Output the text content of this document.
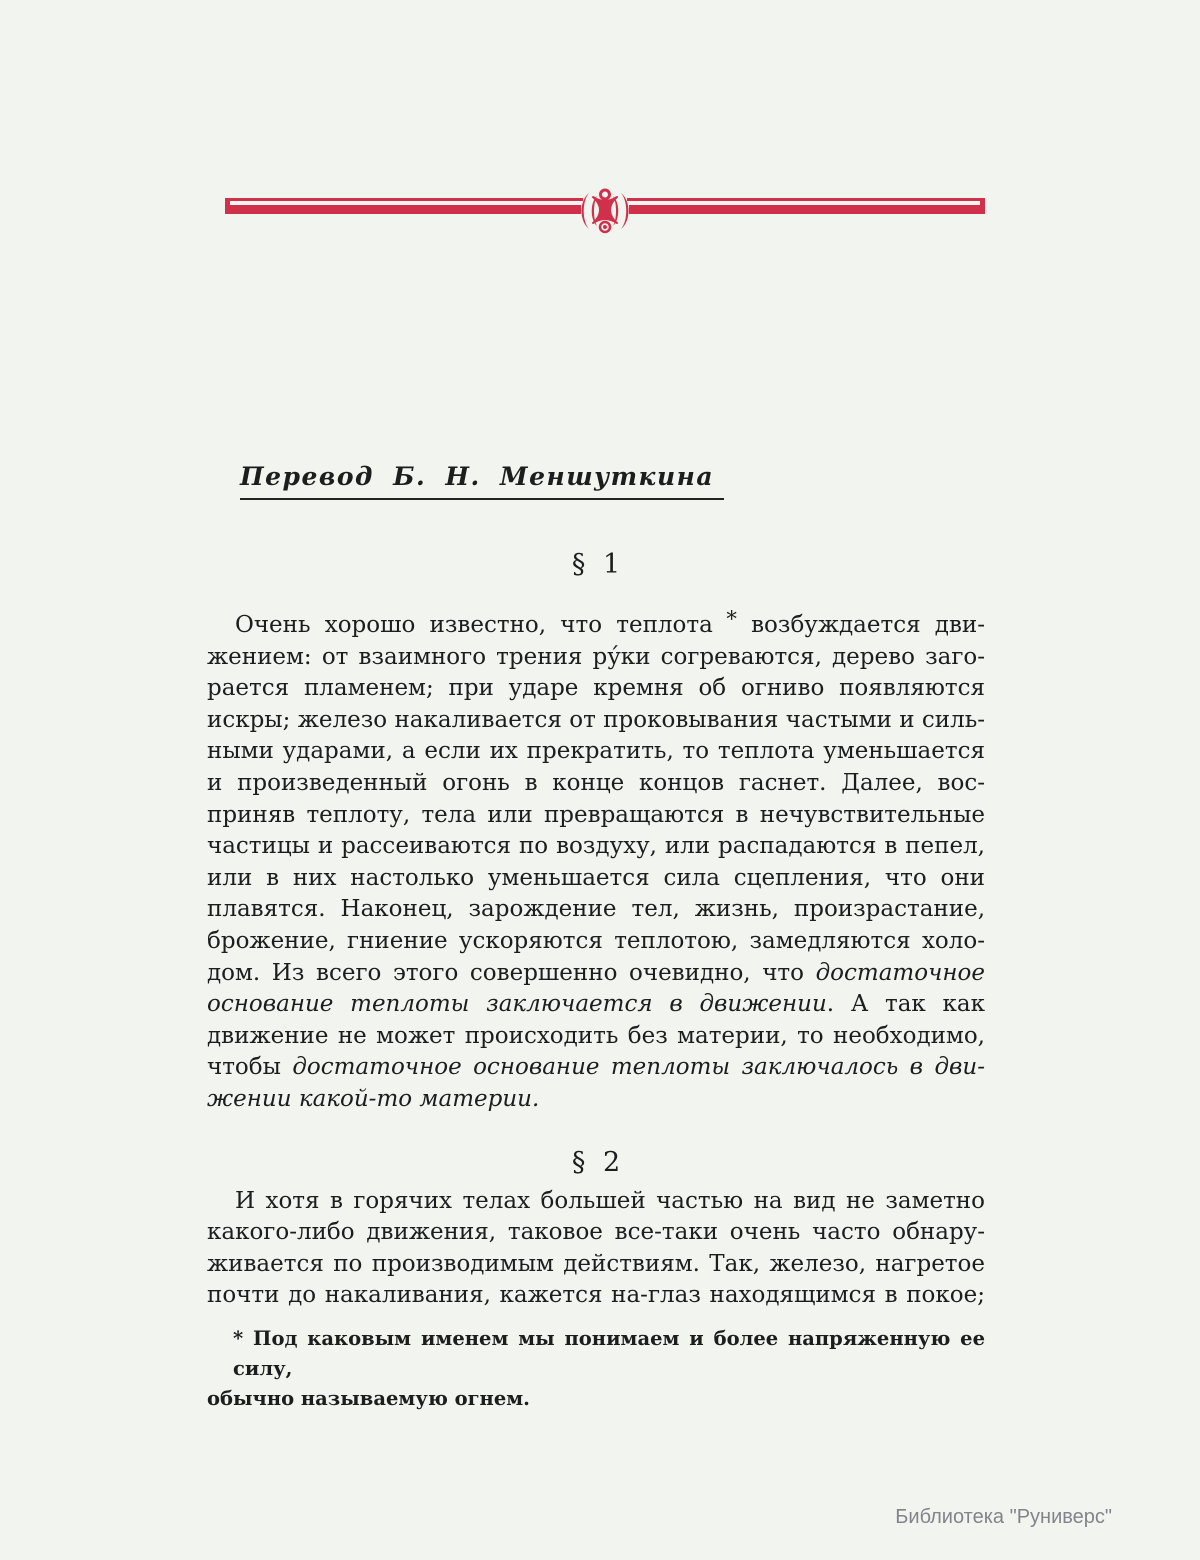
Перевод Б. Н. Меншуткина
§ 1
Очень хорошо известно, что теплота * возбуждается дви-
жением: от взаимного трения ру́ки согреваются, дерево заго-
рается пламенем; при ударе кремня об огниво появляются
искры; железо накаливается от проковывания частыми и силь-
ными ударами, а если их прекратить, то теплота уменьшается
и произведенный огонь в конце концов гаснет. Далее, вос-
приняв теплоту, тела или превращаются в нечувствительные
частицы и рассеиваются по воздуху, или распадаются в пепел,
или в них настолько уменьшается сила сцепления, что они
плавятся. Наконец, зарождение тел, жизнь, произрастание,
брожение, гниение ускоряются теплотою, замедляются холо-
дом. Из всего этого совершенно очевидно, что достаточное
основание теплоты заключается в движении. А так как
движение не может происходить без материи, то необходимо,
чтобы достаточное основание теплоты заключалось в дви-
жении какой-то материи.
§ 2
И хотя в горячих телах большей частью на вид не заметно
какого-либо движения, таковое все-таки очень часто обнару-
живается по производимым действиям. Так, железо, нагретое
почти до накаливания, кажется на-глаз находящимся в покое;
* Под каковым именем мы понимаем и более напряженную ее силу,
обычно называемую огнем.
Библиотека "Руниверс"
